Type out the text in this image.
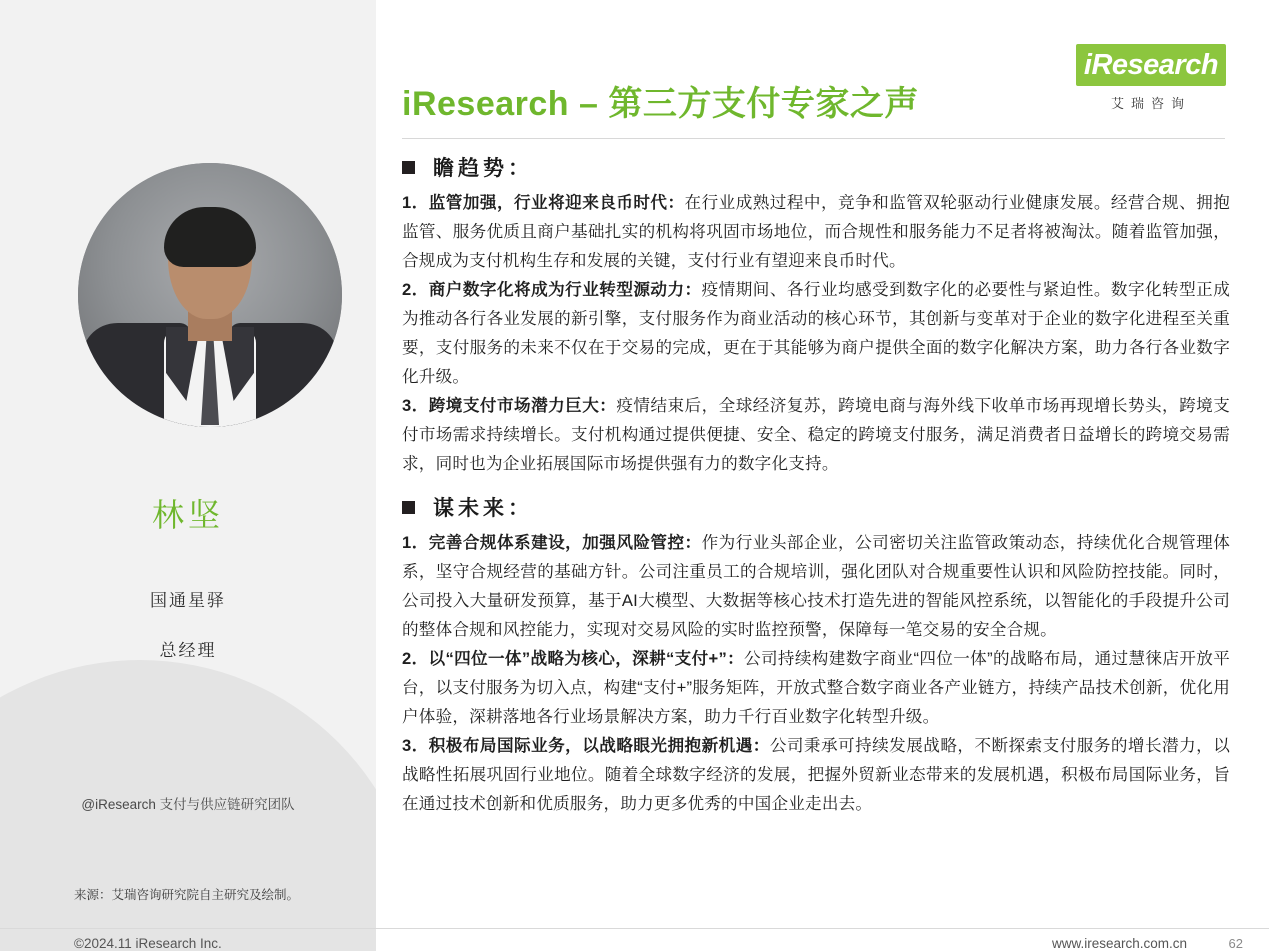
林坚
国通星驿
总经理
@iResearch 支付与供应链研究团队
来源：艾瑞咨询研究院自主研究及绘制。
iResearch
艾瑞咨询
iResearch – 第三方支付专家之声
瞻趋势：

1．监管加强，行业将迎来良币时代：在行业成熟过程中，竞争和监管双轮驱动行业健康发展。经营合规、拥抱监管、服务优质且商户基础扎实的机构将巩固市场地位，而合规性和服务能力不足者将被淘汰。随着监管加强，合规成为支付机构生存和发展的关键，支付行业有望迎来良币时代。

2．商户数字化将成为行业转型源动力：疫情期间、各行业均感受到数字化的必要性与紧迫性。数字化转型正成为推动各行各业发展的新引擎，支付服务作为商业活动的核心环节，其创新与变革对于企业的数字化进程至关重要，支付服务的未来不仅在于交易的完成，更在于其能够为商户提供全面的数字化解决方案，助力各行各业数字化升级。

3．跨境支付市场潜力巨大：疫情结束后，全球经济复苏，跨境电商与海外线下收单市场再现增长势头，跨境支付市场需求持续增长。支付机构通过提供便捷、安全、稳定的跨境支付服务，满足消费者日益增长的跨境交易需求，同时也为企业拓展国际市场提供强有力的数字化支持。

谋未来：

1．完善合规体系建设，加强风险管控：作为行业头部企业，公司密切关注监管政策动态，持续优化合规管理体系，坚守合规经营的基础方针。公司注重员工的合规培训，强化团队对合规重要性认识和风险防控技能。同时，公司投入大量研发预算，基于AI大模型、大数据等核心技术打造先进的智能风控系统，以智能化的手段提升公司的整体合规和风控能力，实现对交易风险的实时监控预警，保障每一笔交易的安全合规。

2．以“四位一体”战略为核心，深耕“支付+”：公司持续构建数字商业“四位一体”的战略布局，通过慧徕店开放平台，以支付服务为切入点，构建“支付+”服务矩阵，开放式整合数字商业各产业链方，持续产品技术创新，优化用户体验，深耕落地各行业场景解决方案，助力千行百业数字化转型升级。

3．积极布局国际业务，以战略眼光拥抱新机遇：公司秉承可持续发展战略，不断探索支付服务的增长潜力，以战略性拓展巩固行业地位。随着全球数字经济的发展，把握外贸新业态带来的发展机遇，积极布局国际业务，旨在通过技术创新和优质服务，助力更多优秀的中国企业走出去。

©2024.11 iResearch Inc.	www.iresearch.com.cn	62
